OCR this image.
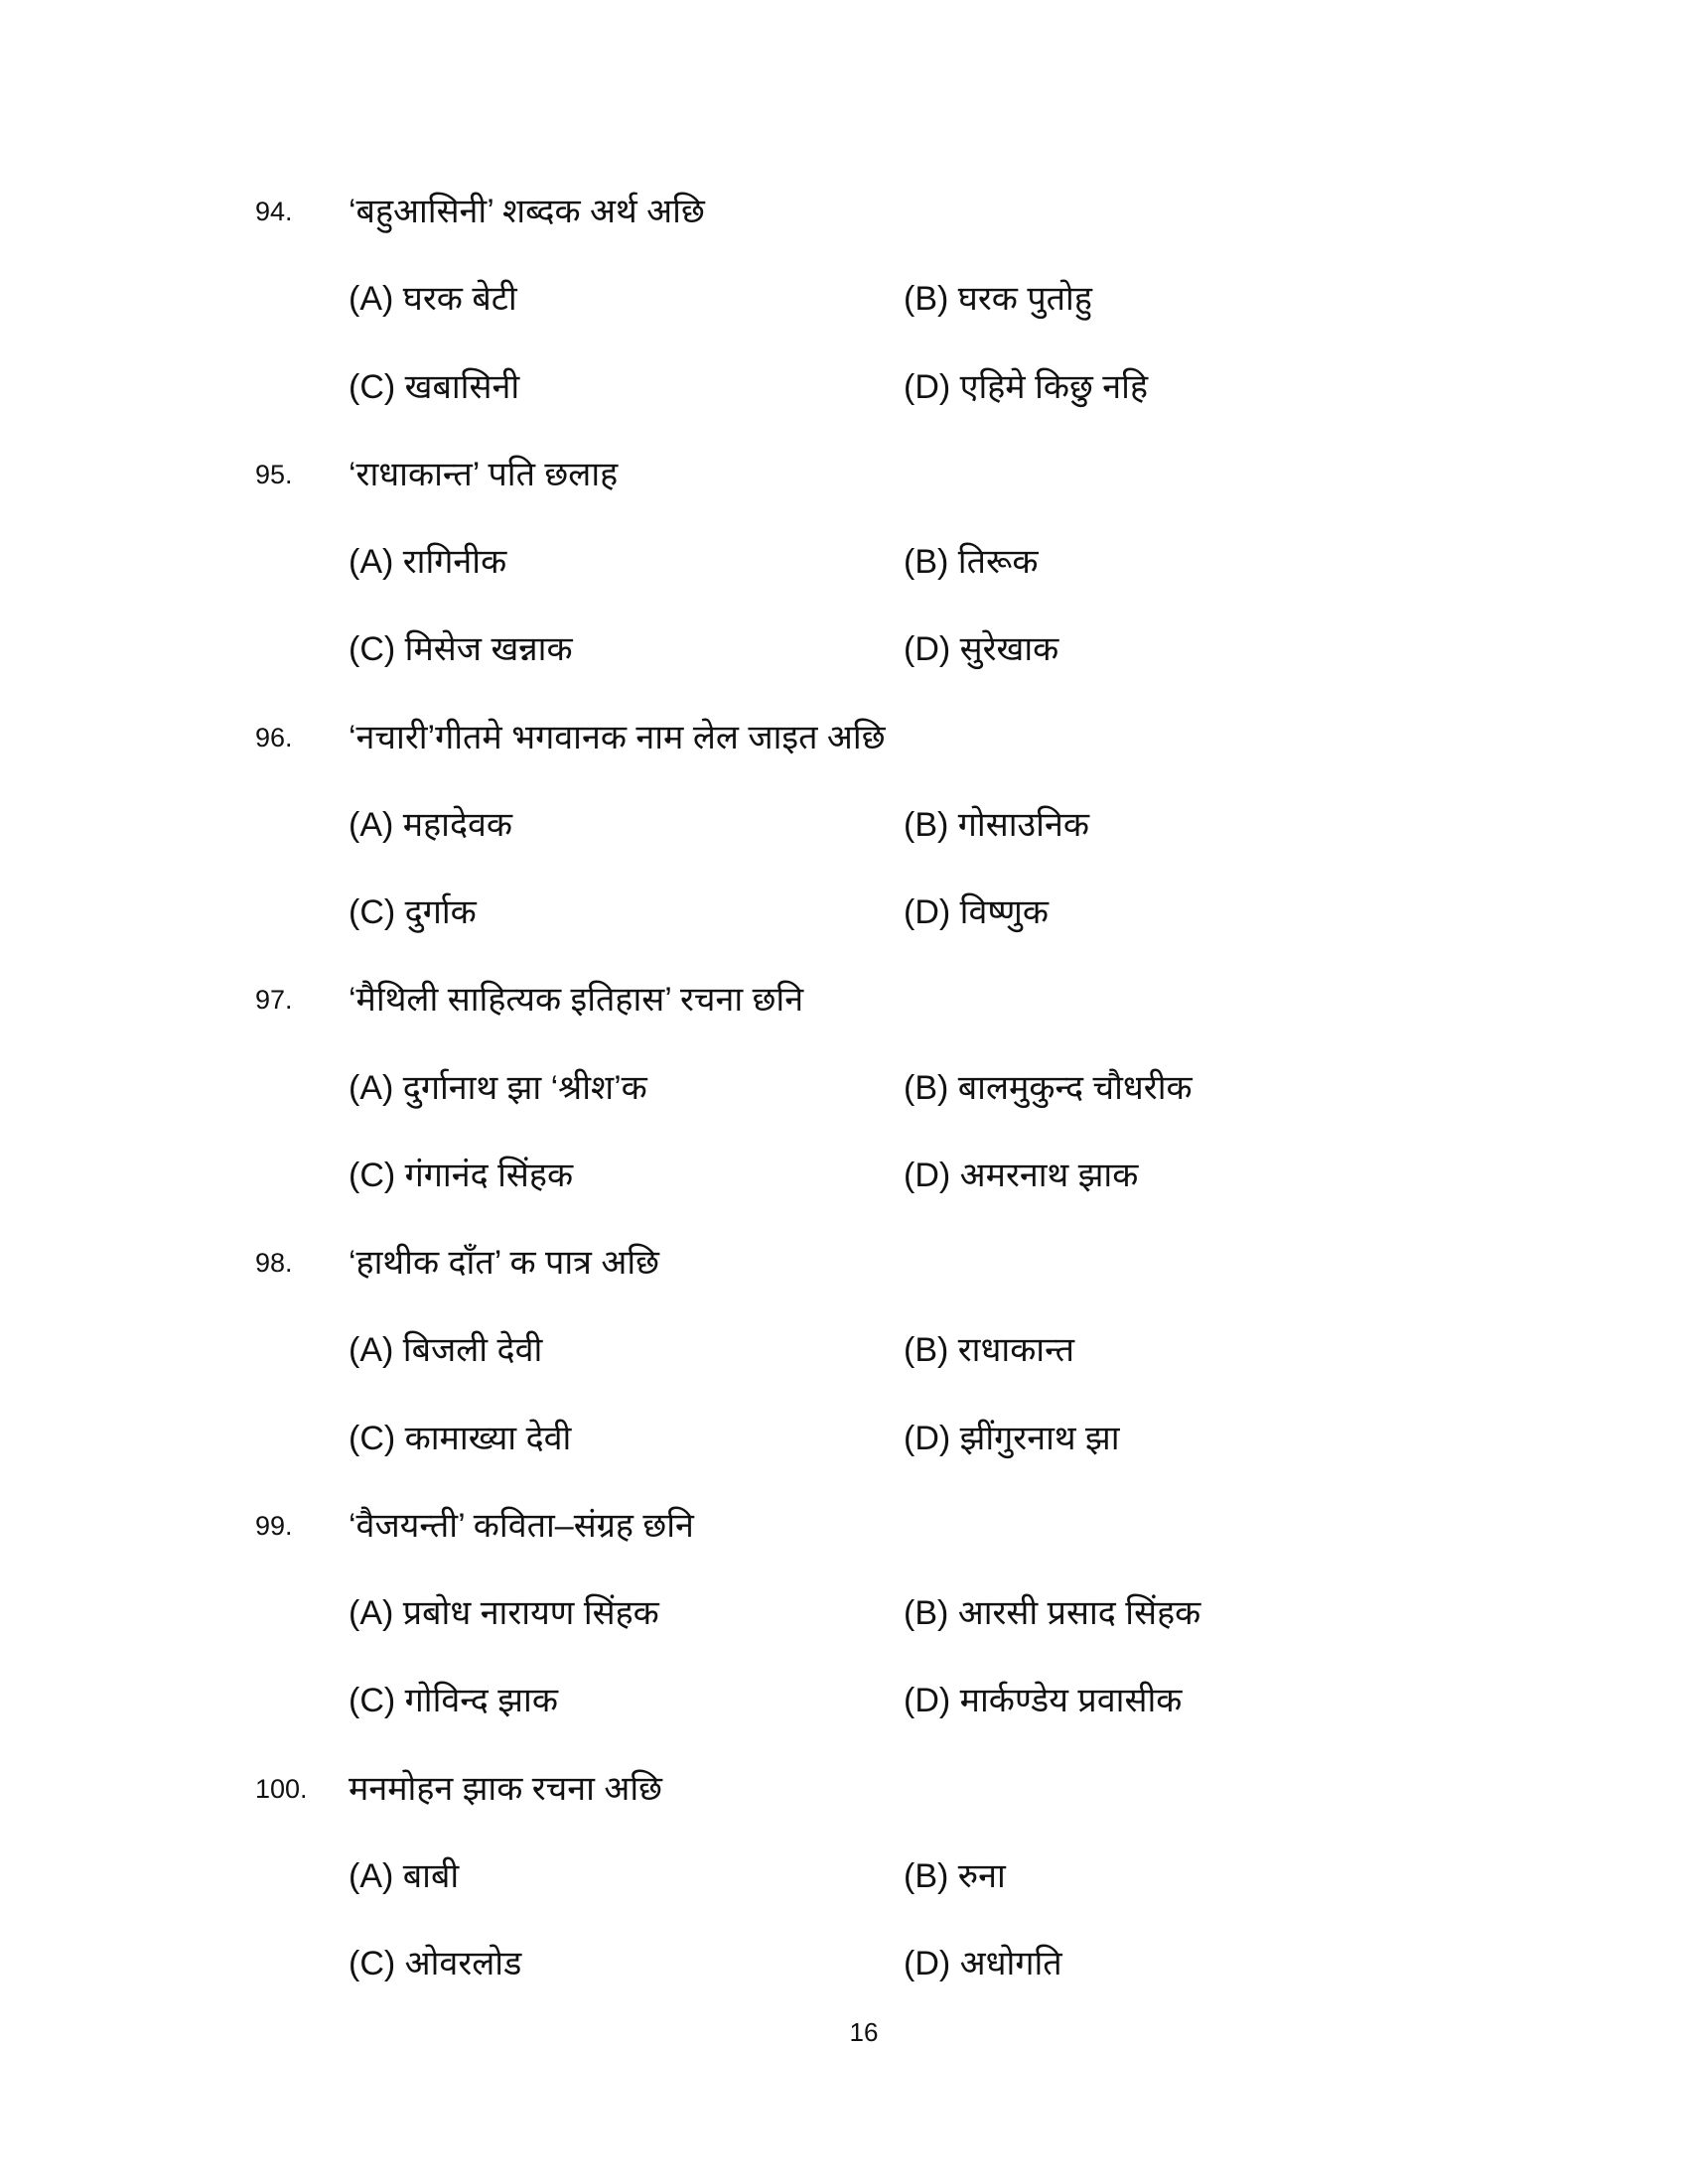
94. ‘बहुआसिनी’ शब्दक अर्थ अछि
(A) घरक बेटी	(B) घरक पुतोहु
(C) खबासिनी	(D) एहिमे किछु नहि
95. ‘राधाकान्त’ पति छलाह
(A) रागिनीक	(B) तिरूक
(C) मिसेज खन्नाक	(D) सुरेखाक
96. ‘नचारी’गीतमे भगवानक नाम लेल जाइत अछि
(A) महादेवक	(B) गोसाउनिक
(C) दुर्गाक	(D) विष्णुक
97. ‘मैथिली साहित्यक इतिहास’ रचना छनि
(A) दुर्गानाथ झा ‘श्रीश’क	(B) बालमुकुन्द चौधरीक
(C) गंगानंद सिंहक	(D) अमरनाथ झाक
98. ‘हाथीक दाँत’ क पात्र अछि
(A) बिजली देवी	(B) राधाकान्त
(C) कामाख्या देवी	(D) झींगुरनाथ झा
99. ‘वैजयन्ती’ कविता–संग्रह छनि
(A) प्रबोध नारायण सिंहक	(B) आरसी प्रसाद सिंहक
(C) गोविन्द झाक	(D) मार्कण्डेय प्रवासीक
100. मनमोहन झाक रचना अछि
(A) बाबी	(B) रुना
(C) ओवरलोड	(D) अधोगति
16
